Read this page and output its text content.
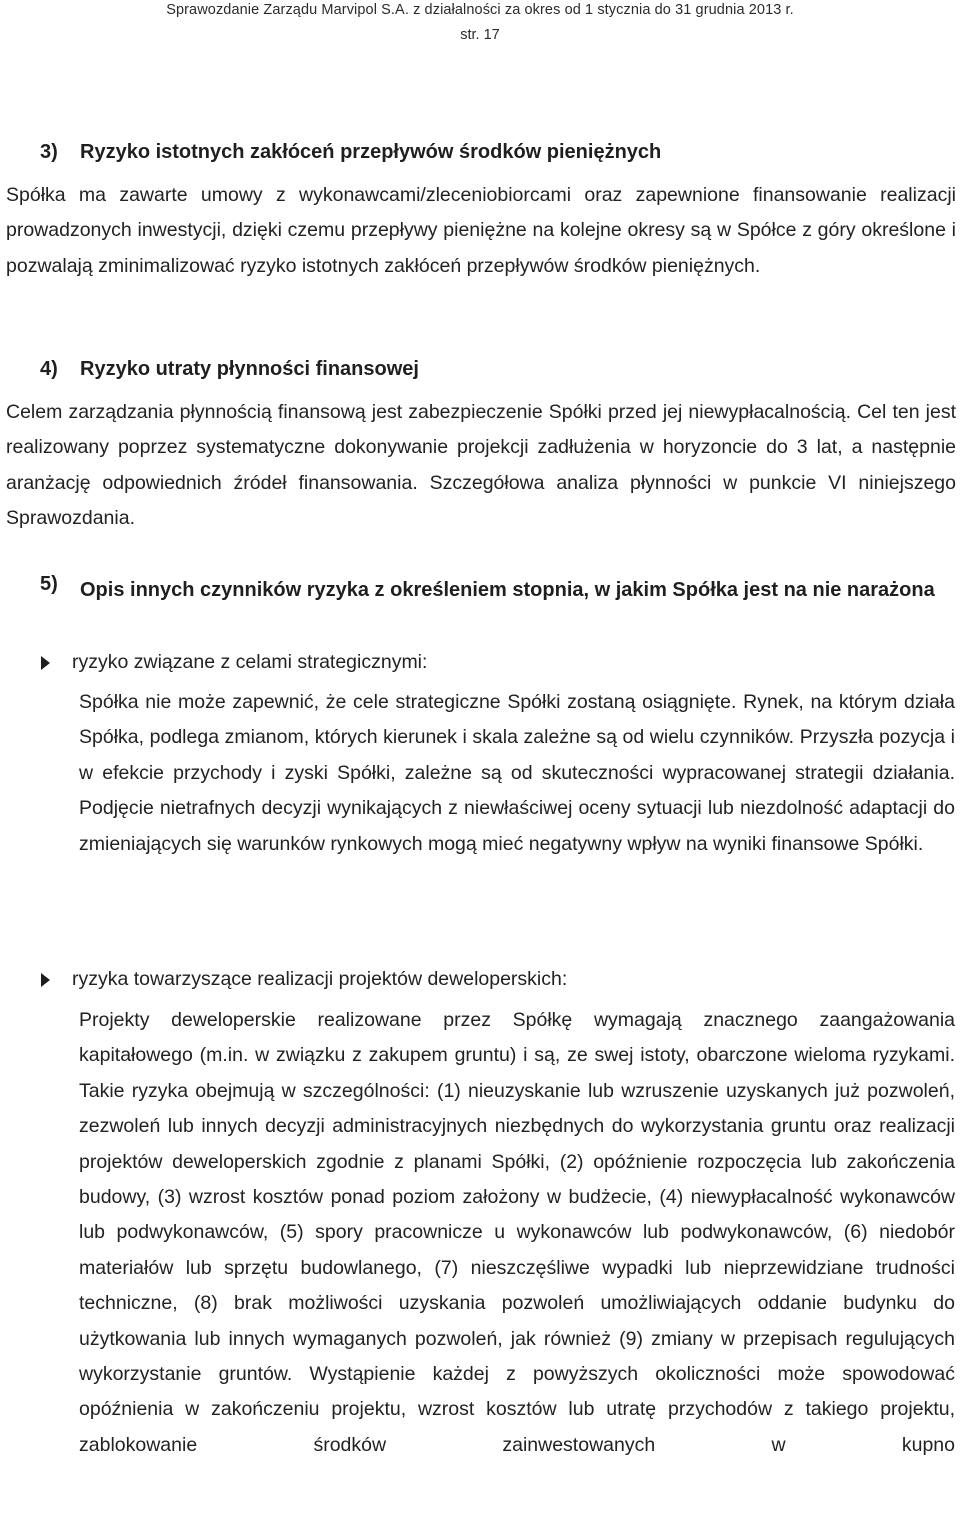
Sprawozdanie Zarządu Marvipol S.A. z działalności za okres od 1 stycznia do 31 grudnia 2013 r.
str. 17
3) Ryzyko istotnych zakłóceń przepływów środków pieniężnych
Spółka ma zawarte umowy z wykonawcami/zleceniobiorcami oraz zapewnione finansowanie realizacji prowadzonych inwestycji, dzięki czemu przepływy pieniężne na kolejne okresy są w Spółce z góry określone i pozwalają zminimalizować ryzyko istotnych zakłóceń przepływów środków pieniężnych.
4) Ryzyko utraty płynności finansowej
Celem zarządzania płynnością finansową jest zabezpieczenie Spółki przed jej niewypłacalnością. Cel ten jest realizowany poprzez systematyczne dokonywanie projekcji zadłużenia w horyzoncie do 3 lat, a następnie aranżację odpowiednich źródeł finansowania. Szczegółowa analiza płynności w punkcie VI niniejszego Sprawozdania.
5)	Opis innych czynników ryzyka z określeniem stopnia, w jakim Spółka jest na nie narażona
ryzyko związane z celami strategicznymi:
Spółka nie może zapewnić, że cele strategiczne Spółki zostaną osiągnięte. Rynek, na którym działa Spółka, podlega zmianom, których kierunek i skala zależne są od wielu czynników. Przyszła pozycja i w efekcie przychody i zyski Spółki, zależne są od skuteczności wypracowanej strategii działania. Podjęcie nietrafnych decyzji wynikających z niewłaściwej oceny sytuacji lub niezdolność adaptacji do zmieniających się warunków rynkowych mogą mieć negatywny wpływ na wyniki finansowe Spółki.
ryzyka towarzyszące realizacji projektów deweloperskich:
Projekty deweloperskie realizowane przez Spółkę wymagają znacznego zaangażowania kapitałowego (m.in. w związku z zakupem gruntu) i są, ze swej istoty, obarczone wieloma ryzykami. Takie ryzyka obejmują w szczególności: (1) nieuzyskanie lub wzruszenie uzyskanych już pozwoleń, zezwoleń lub innych decyzji administracyjnych niezbędnych do wykorzystania gruntu oraz realizacji projektów deweloperskich zgodnie z planami Spółki, (2) opóźnienie rozpoczęcia lub zakończenia budowy, (3) wzrost kosztów ponad poziom założony w budżecie, (4) niewypłacalność wykonawców lub podwykonawców, (5) spory pracownicze u wykonawców lub podwykonawców, (6) niedobór materiałów lub sprzętu budowlanego, (7) nieszczęśliwe wypadki lub nieprzewidziane trudności techniczne, (8) brak możliwości uzyskania pozwoleń umożliwiających oddanie budynku do użytkowania lub innych wymaganych pozwoleń, jak również (9) zmiany w przepisach regulujących wykorzystanie gruntów. Wystąpienie każdej z powyższych okoliczności może spowodować opóźnienia w zakończeniu projektu, wzrost kosztów lub utratę przychodów z takiego projektu, zablokowanie środków zainwestowanych w kupno
